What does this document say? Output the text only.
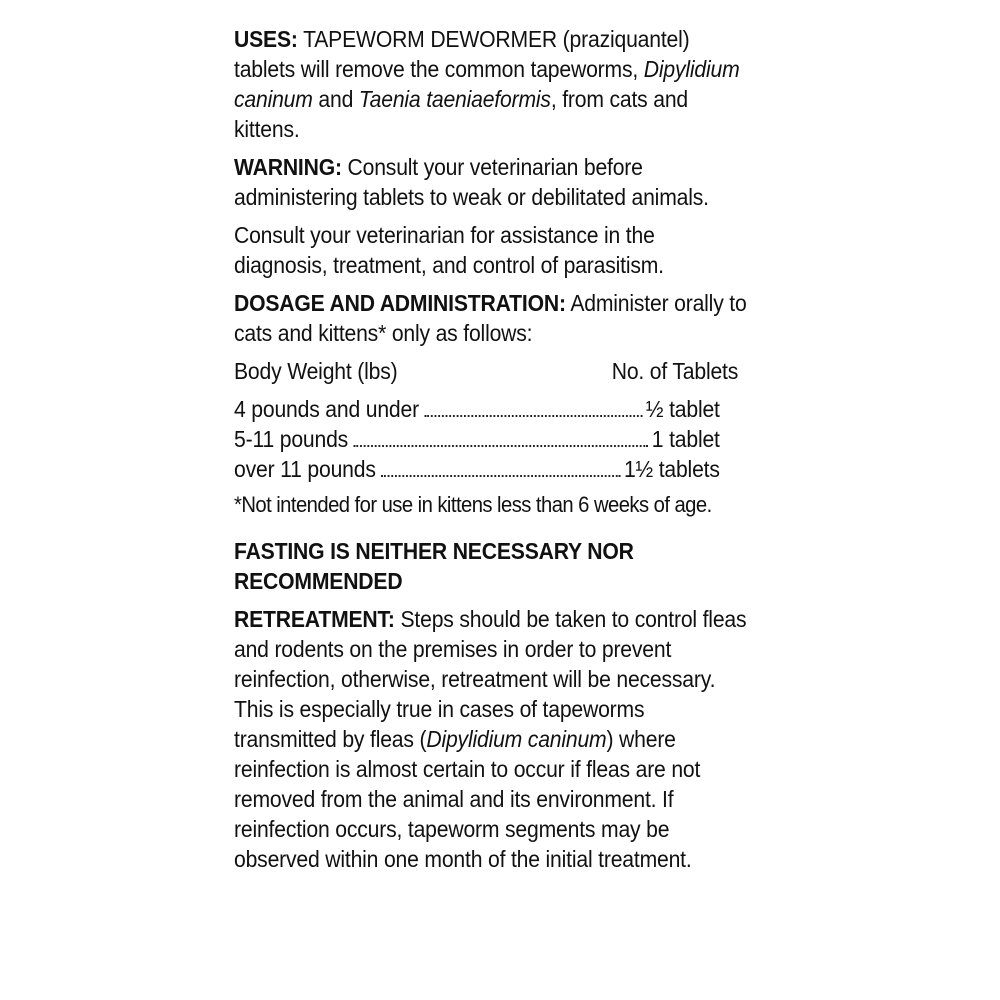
USES: TAPEWORM DEWORMER (praziquantel) tablets will remove the common tapeworms, Dipylidium caninum and Taenia taeniaeformis, from cats and kittens.

WARNING: Consult your veterinarian before administering tablets to weak or debilitated animals.

Consult your veterinarian for assistance in the diagnosis, treatment, and control of parasitism.

DOSAGE AND ADMINISTRATION: Administer orally to cats and kittens* only as follows:

Body Weight (lbs)	No. of Tablets
4 pounds and under	½ tablet
5-11 pounds	1 tablet
over 11 pounds	1½ tablets

*Not intended for use in kittens less than 6 weeks of age.

FASTING IS NEITHER NECESSARY NOR RECOMMENDED

RETREATMENT: Steps should be taken to control fleas and rodents on the premises in order to prevent reinfection, otherwise, retreatment will be necessary. This is especially true in cases of tapeworms transmitted by fleas (Dipylidium caninum) where reinfection is almost certain to occur if fleas are not removed from the animal and its environment. If reinfection occurs, tapeworm segments may be observed within one month of the initial treatment.
